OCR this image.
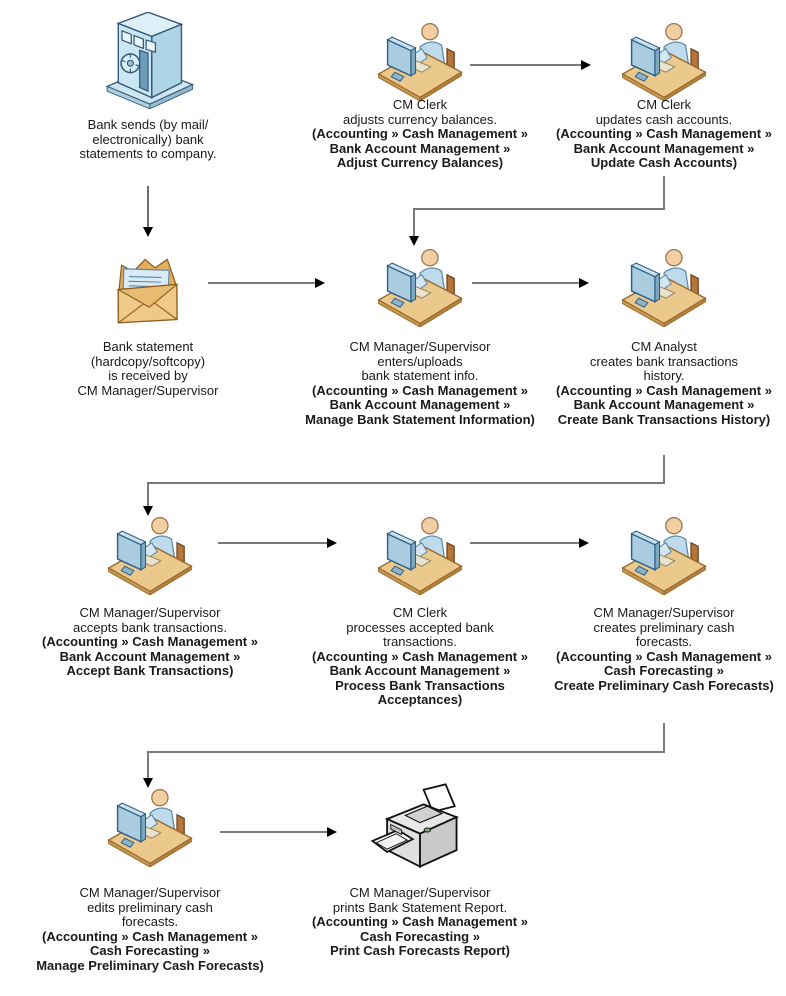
Bank sends (by mail/
electronically) bank
statements to company.
CM Clerk
adjusts currency balances.
(Accounting » Cash Management »
Bank Account Management »
Adjust Currency Balances)
CM Clerk
updates cash accounts.
(Accounting » Cash Management »
Bank Account Management »
Update Cash Accounts)
Bank statement
(hardcopy/softcopy)
is received by
CM Manager/Supervisor
CM Manager/Supervisor
enters/uploads
bank statement info.
(Accounting » Cash Management »
Bank Account Management »
Manage Bank Statement Information)
CM Analyst
creates bank transactions
history.
(Accounting » Cash Management »
Bank Account Management »
Create Bank Transactions History)
CM Manager/Supervisor
accepts bank transactions.
(Accounting » Cash Management »
Bank Account Management »
Accept Bank Transactions)
CM Clerk
processes accepted bank
transactions.
(Accounting » Cash Management »
Bank Account Management »
Process Bank Transactions
Acceptances)
CM Manager/Supervisor
creates preliminary cash
forecasts.
(Accounting » Cash Management »
Cash Forecasting »
Create Preliminary Cash Forecasts)
CM Manager/Supervisor
edits preliminary cash
forecasts.
(Accounting » Cash Management »
Cash Forecasting »
Manage Preliminary Cash Forecasts)
CM Manager/Supervisor
prints Bank Statement Report.
(Accounting » Cash Management »
Cash Forecasting »
Print Cash Forecasts Report)
